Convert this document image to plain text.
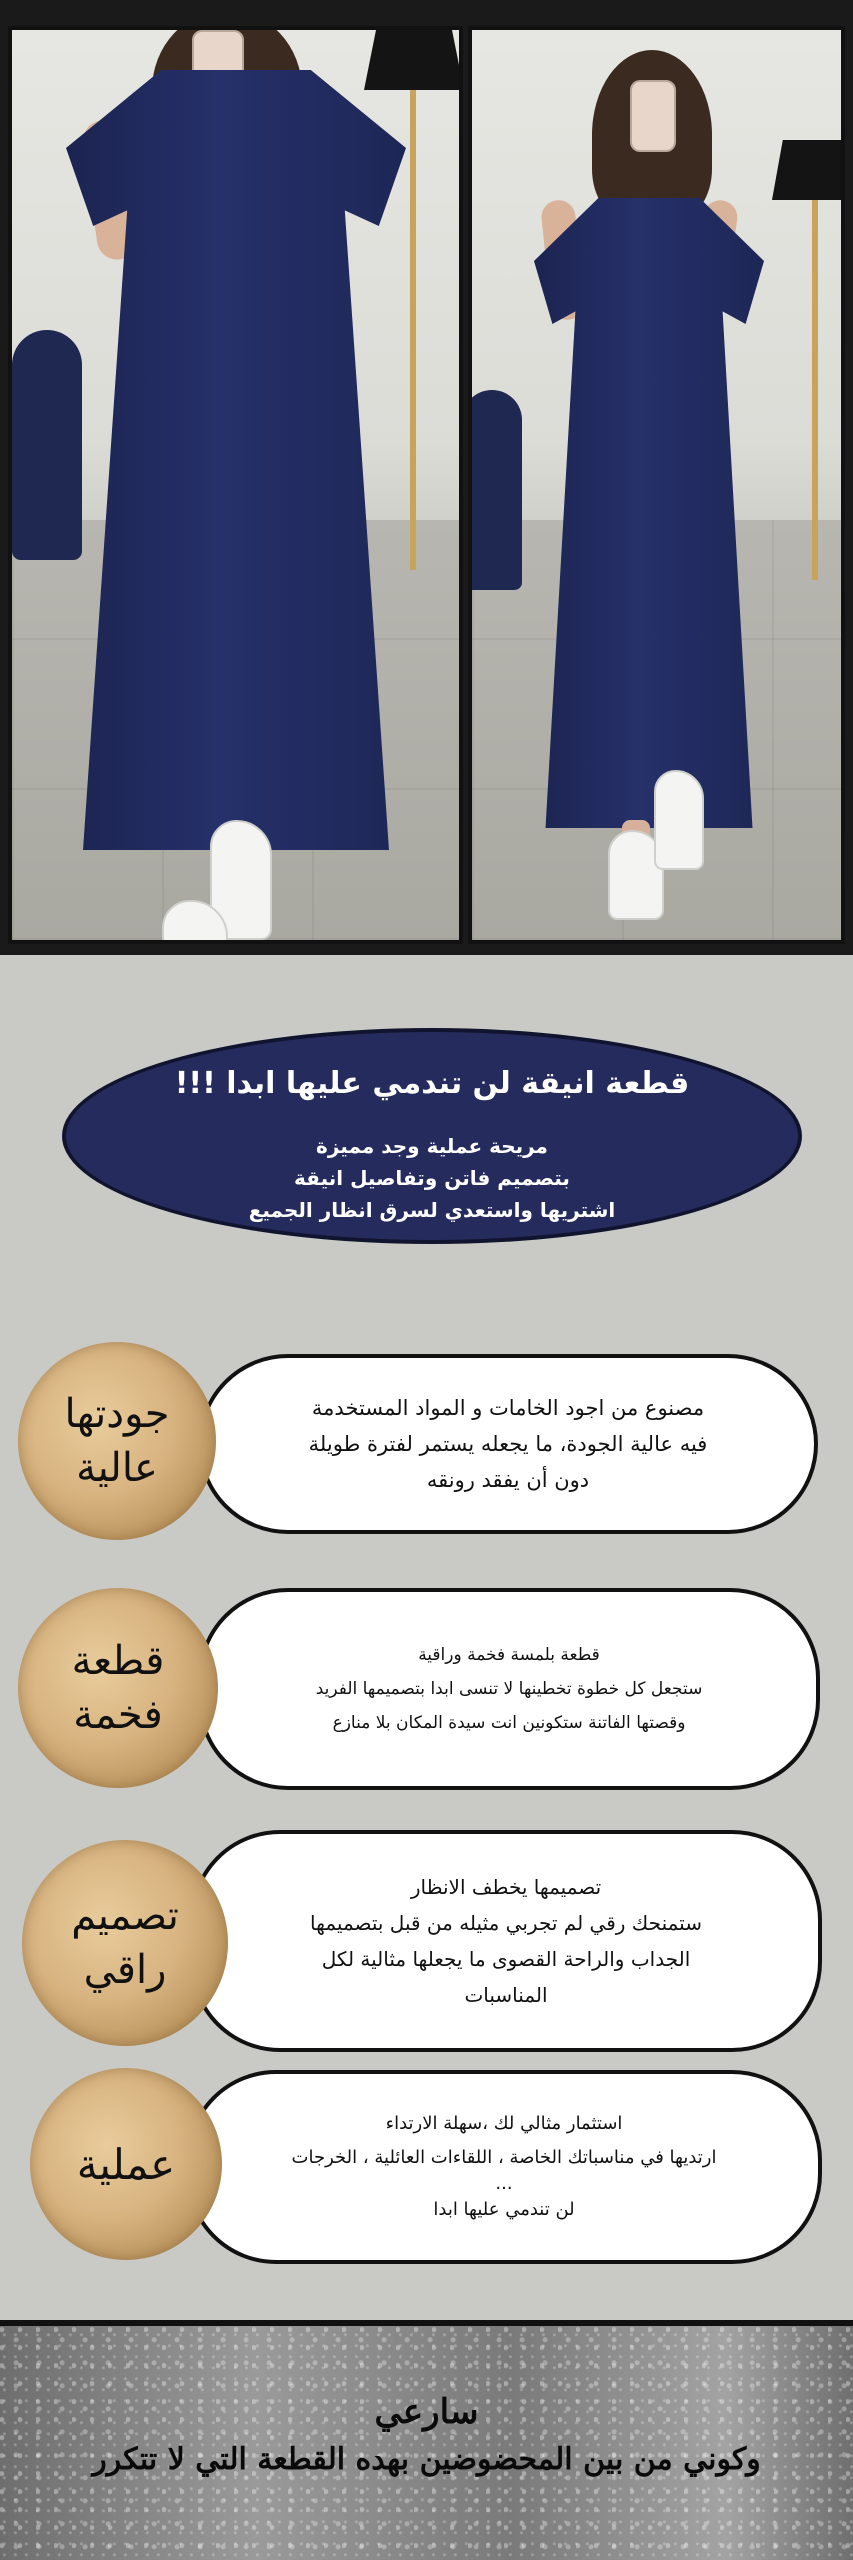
قطعة انيقة لن تندمي عليها ابدا !!!

مريحة عملية وجد مميزة

بتصميم فاتن وتفاصيل انيقة

اشتريها واستعدي لسرق انظار الجميع

مصنوع من اجود الخامات و المواد المستخدمة

فيه عالية الجودة، ما يجعله يستمر لفترة طويلة

دون أن يفقد رونقه

جودتها
عالية

قطعة بلمسة فخمة وراقية

ستجعل كل خطوة تخطينها لا تنسى ابدا بتصميمها الفريد

وقصتها الفاتنة ستكونين انت سيدة المكان بلا منازع

قطعة
فخمة

تصميمها يخطف الانظار

ستمنحك رقي لم تجربي مثيله من قبل بتصميمها

الجداب والراحة القصوى ما يجعلها مثالية لكل

المناسبات

تصميم
راقي

استثمار مثالي لك ،سهلة الارتداء

ارتديها في مناسباتك الخاصة ، اللقاءات العائلية ، الخرجات

...

لن تندمي عليها ابدا

عملية
سارعي
وكوني من بين المحضوضين بهده القطعة التي لا تتكرر
